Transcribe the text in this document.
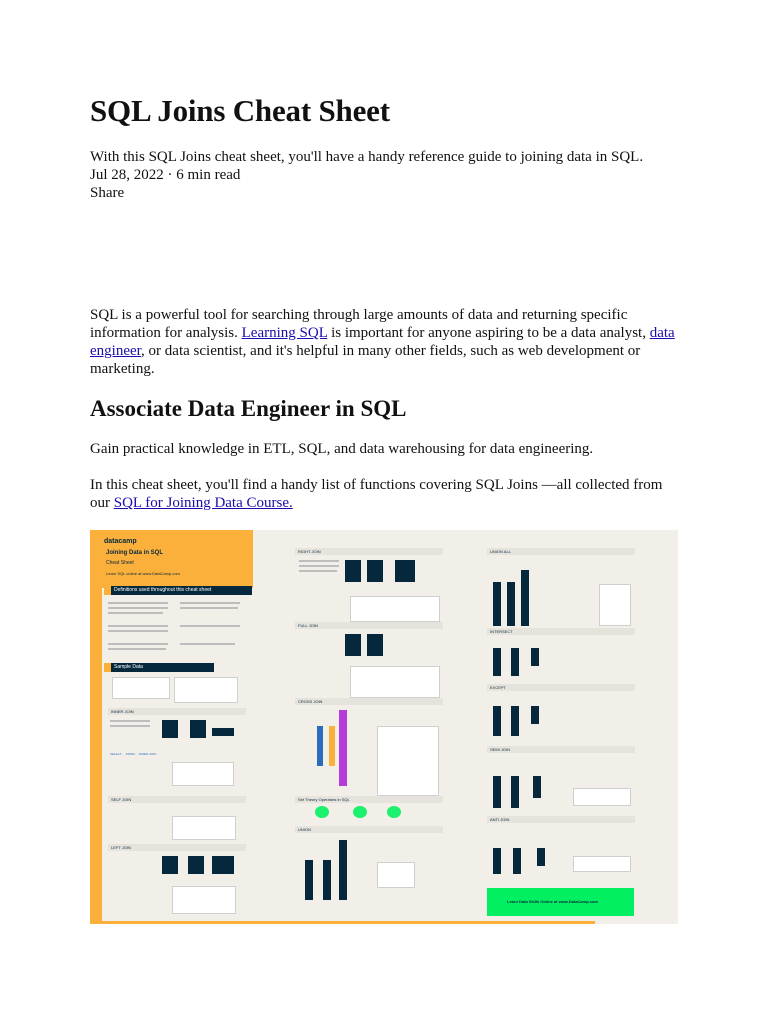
SQL Joins Cheat Sheet
With this SQL Joins cheat sheet, you'll have a handy reference guide to joining data in SQL.
Jul 28, 2022 · 6 min read
Share
SQL is a powerful tool for searching through large amounts of data and returning specific information for analysis. Learning SQL is important for anyone aspiring to be a data analyst, data engineer, or data scientist, and it's helpful in many other fields, such as web development or marketing.
Associate Data Engineer in SQL
Gain practical knowledge in ETL, SQL, and data warehousing for data engineering.
In this cheat sheet, you'll find a handy list of functions covering SQL Joins —all collected from our SQL for Joining Data Course.
datacamp
Joining Data in SQL
Cheat Sheet
Learn SQL online at www.DataCamp.com
Definitions used throughout this cheat sheet
Sample Data
INNER JOIN
SELECT ... FROM ... INNER JOIN ...
SELF JOIN
LEFT JOIN
RIGHT JOIN
FULL JOIN
CROSS JOIN
Set Theory Operators in SQL
UNION
UNION ALL
INTERSECT
EXCEPT
SEMI JOIN
ANTI JOIN
Learn Data Skills Online at www.DataCamp.com
